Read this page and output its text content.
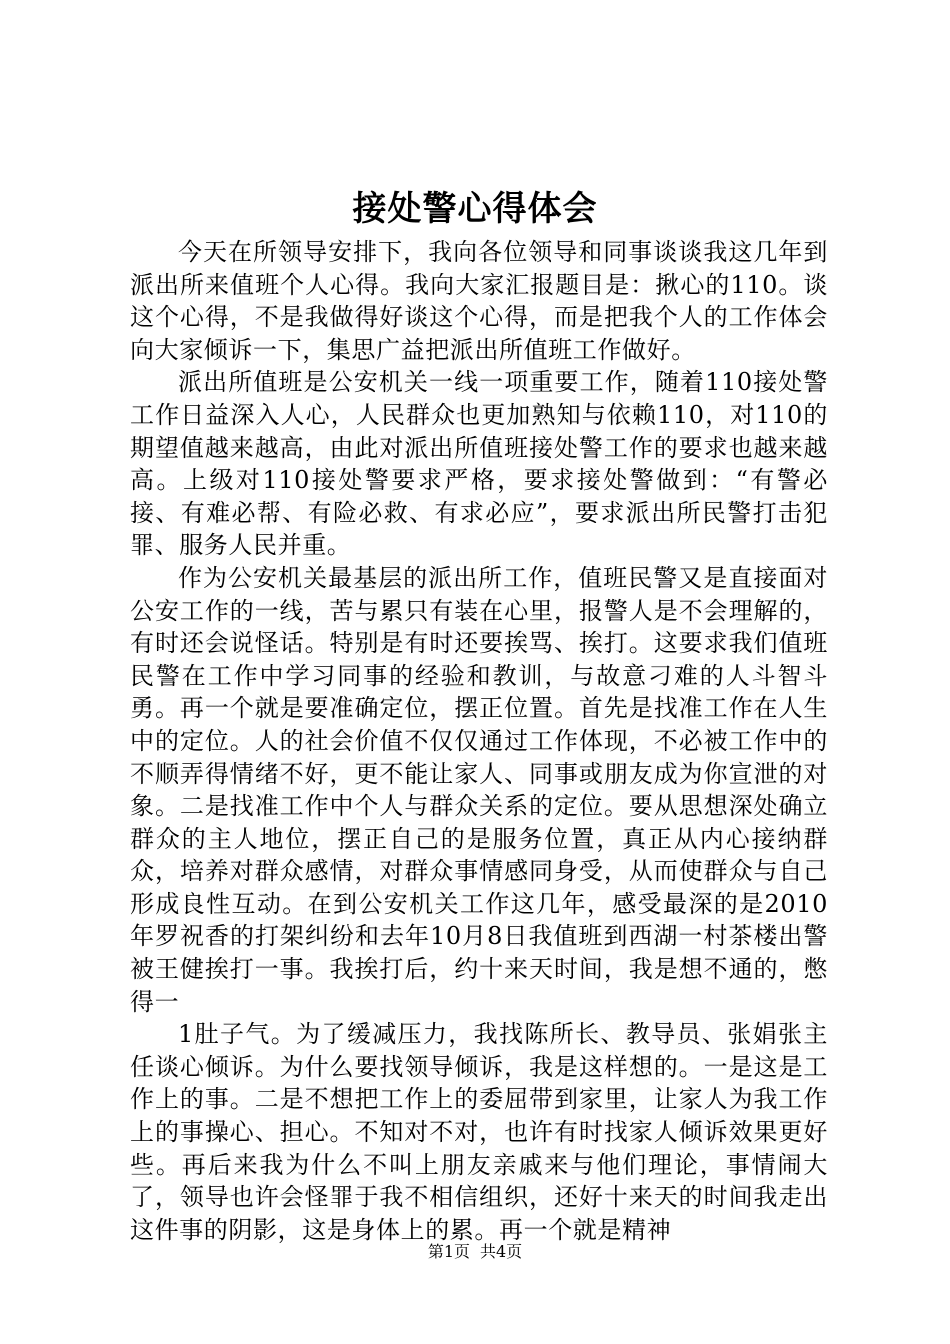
接处警心得体会

今天在所领导安排下，我向各位领导和同事谈谈我这几年到派出所来值班个人心得。我向大家汇报题目是：揪心的110。谈这个心得，不是我做得好谈这个心得，而是把我个人的工作体会向大家倾诉一下，集思广益把派出所值班工作做好。

派出所值班是公安机关一线一项重要工作，随着110接处警工作日益深入人心，人民群众也更加熟知与依赖110，对110的期望值越来越高，由此对派出所值班接处警工作的要求也越来越高。上级对110接处警要求严格，要求接处警做到：“有警必接、有难必帮、有险必救、有求必应”，要求派出所民警打击犯罪、服务人民并重。

作为公安机关最基层的派出所工作，值班民警又是直接面对公安工作的一线，苦与累只有装在心里，报警人是不会理解的，有时还会说怪话。特别是有时还要挨骂、挨打。这要求我们值班民警在工作中学习同事的经验和教训，与故意刁难的人斗智斗勇。再一个就是要准确定位，摆正位置。首先是找准工作在人生中的定位。人的社会价值不仅仅通过工作体现，不必被工作中的不顺弄得情绪不好，更不能让家人、同事或朋友成为你宣泄的对象。二是找准工作中个人与群众关系的定位。要从思想深处确立群众的主人地位，摆正自己的是服务位置，真正从内心接纳群众，培养对群众感情，对群众事情感同身受，从而使群众与自己形成良性互动。在到公安机关工作这几年，感受最深的是2010年罗祝香的打架纠纷和去年10月8日我值班到西湖一村茶楼出警被王健挨打一事。我挨打后，约十来天时间，我是想不通的，憋得一

1肚子气。为了缓减压力，我找陈所长、教导员、张娟张主任谈心倾诉。为什么要找领导倾诉，我是这样想的。一是这是工作上的事。二是不想把工作上的委屈带到家里，让家人为我工作上的事操心、担心。不知对不对，也许有时找家人倾诉效果更好些。再后来我为什么不叫上朋友亲戚来与他们理论，事情闹大了，领导也许会怪罪于我不相信组织，还好十来天的时间我走出这件事的阴影，这是身体上的累。再一个就是精神

第1页 共4页
